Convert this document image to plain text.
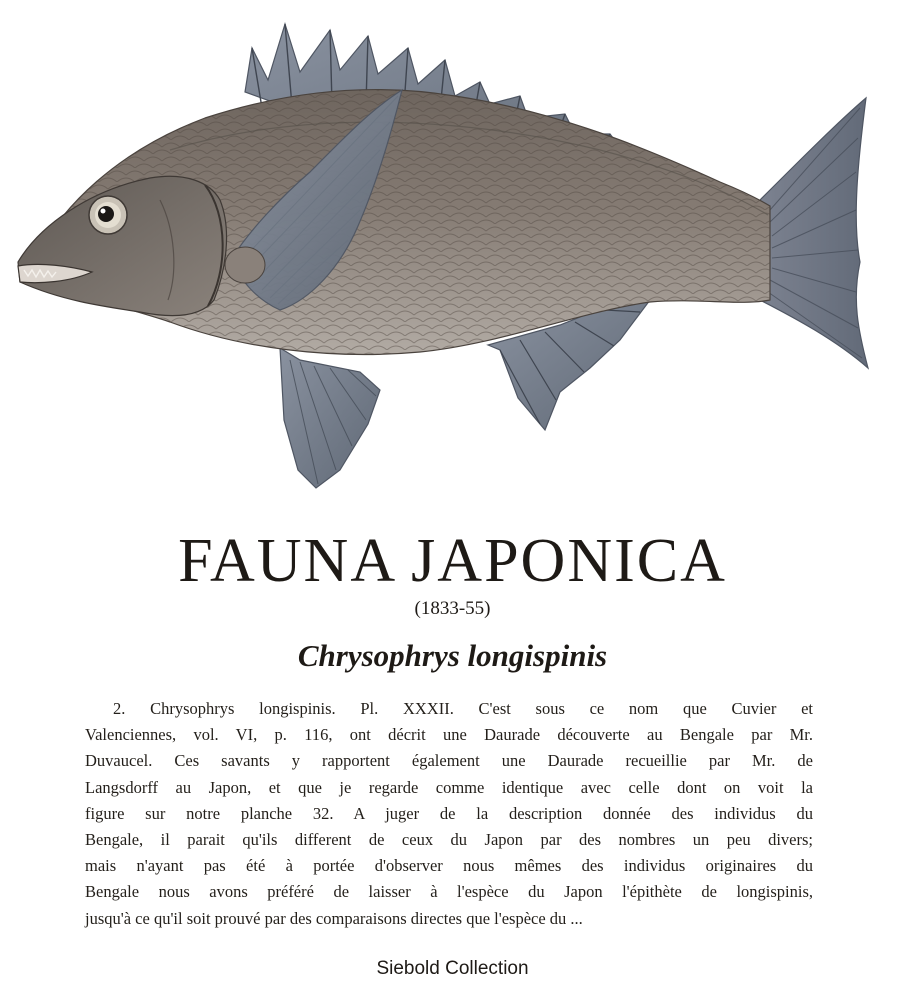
FAUNA JAPONICA
(1833-55)
Chrysophrys longispinis

2. Chrysophrys longispinis. Pl. XXXII. C'est sous ce nom que Cuvier et
Valenciennes, vol. VI, p. 116, ont décrit une Daurade découverte au Bengale par Mr.
Duvaucel. Ces savants y rapportent également une Daurade recueillie par Mr. de
Langsdorff au Japon, et que je regarde comme identique avec celle dont on voit la
figure sur notre planche 32. A juger de la description donnée des individus du
Bengale, il parait qu'ils different de ceux du Japon par des nombres un peu divers;
mais n'ayant pas été à portée d'observer nous mêmes des individus originaires du
Bengale nous avons préféré de laisser à l'espèce du Japon l'épithète de longispinis,
jusqu'à ce qu'il soit prouvé par des comparaisons directes que l'espèce du ...

Siebold Collection
